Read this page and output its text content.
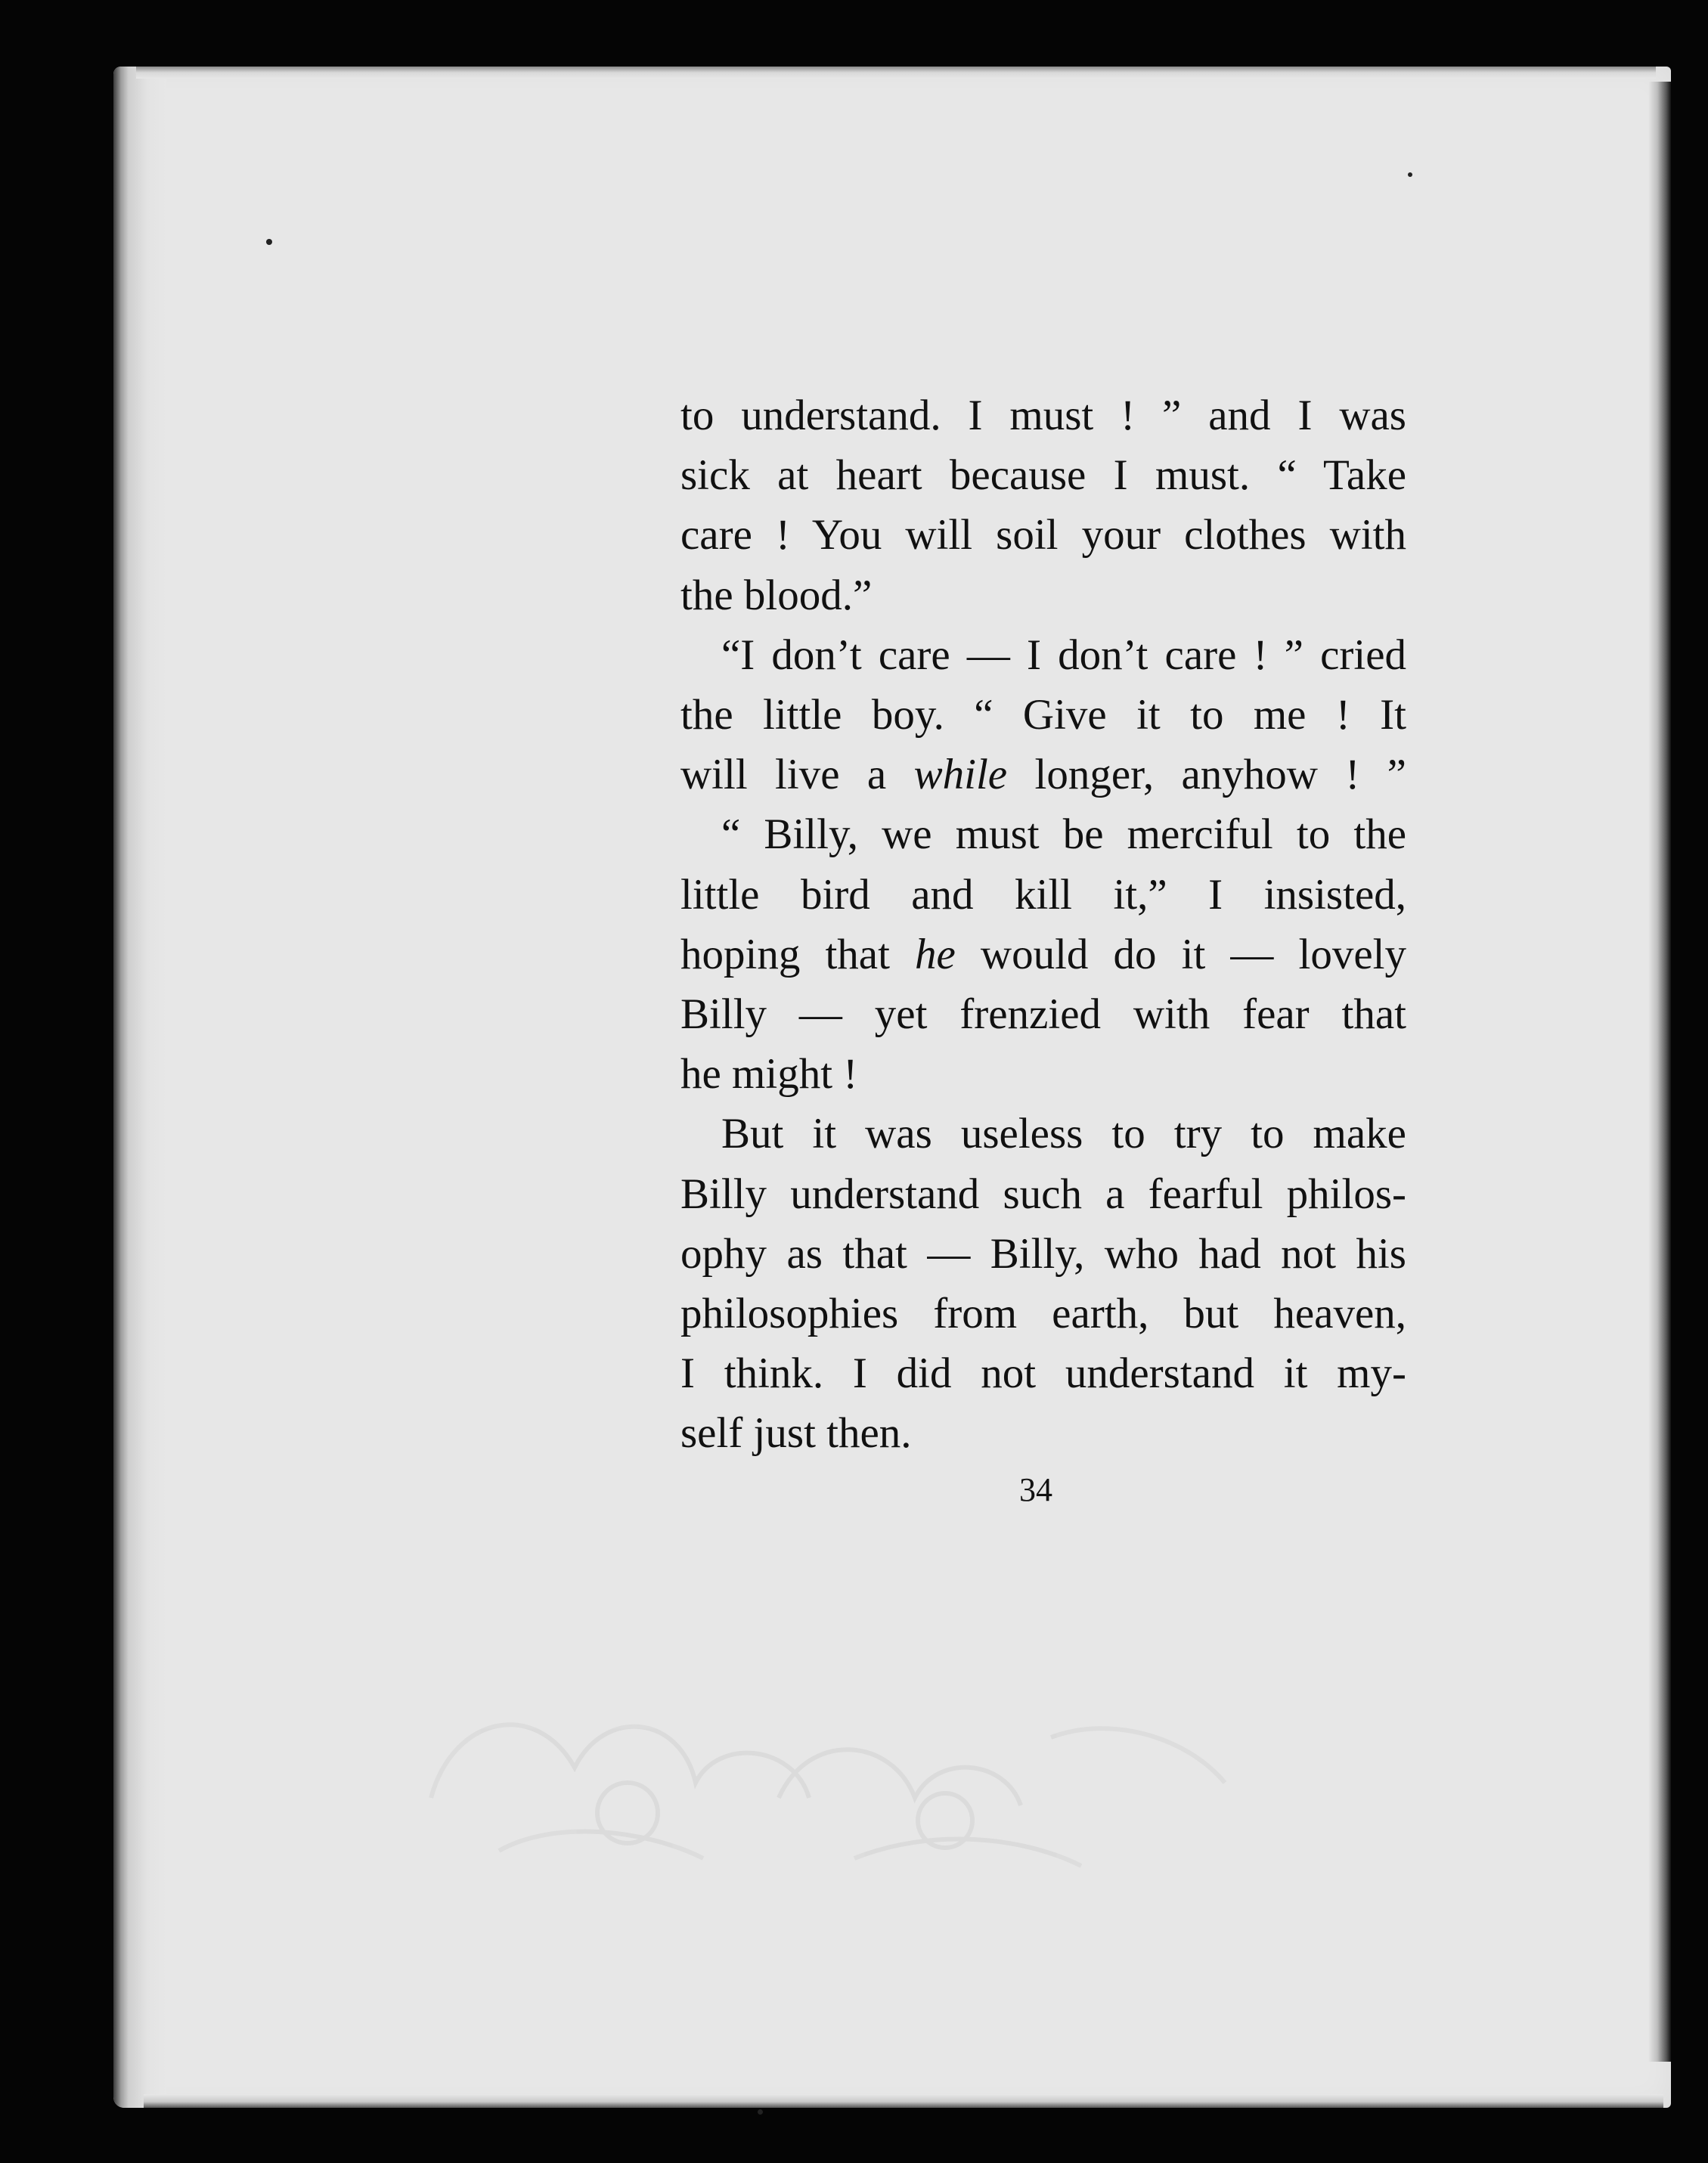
to understand. I must ! ” and I was
sick at heart because I must. “ Take
care ! You will soil your clothes with
the blood.”

“I don’t care — I don’t care ! ” cried
the little boy. “ Give it to me ! It
will live a while longer, anyhow ! ”

“ Billy, we must be merciful to the
little bird and kill it,” I insisted,
hoping that he would do it — lovely
Billy — yet frenzied with fear that
he might !

But it was useless to try to make
Billy understand such a fearful philos-
ophy as that — Billy, who had not his
philosophies from earth, but heaven,
I think. I did not understand it my-
self just then.

34
